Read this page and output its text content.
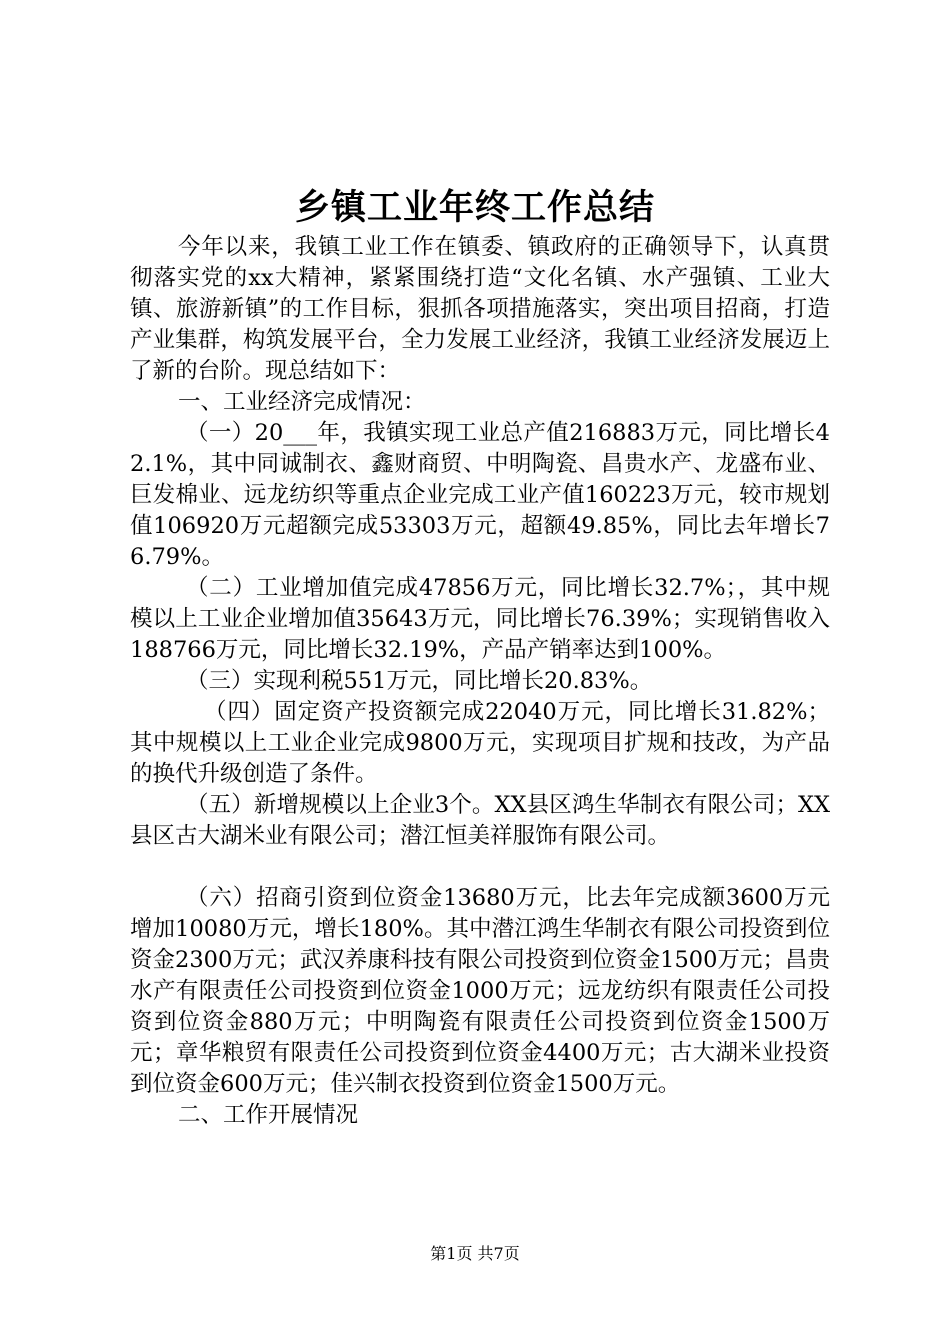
乡镇工业年终工作总结

今年以来，我镇工业工作在镇委、镇政府的正确领导下，认真贯彻落实党的xx大精神，紧紧围绕打造“文化名镇、水产强镇、工业大镇、旅游新镇”的工作目标，狠抓各项措施落实，突出项目招商，打造产业集群，构筑发展平台，全力发展工业经济，我镇工业经济发展迈上了新的台阶。现总结如下：

一、工业经济完成情况：

（一）20___年，我镇实现工业总产值216883万元，同比增长42.1%，其中同诚制衣、鑫财商贸、中明陶瓷、昌贵水产、龙盛布业、巨发棉业、远龙纺织等重点企业完成工业产值160223万元，较市规划值106920万元超额完成53303万元，超额49.85%，同比去年增长76.79%。

（二）工业增加值完成47856万元，同比增长32.7%；，其中规模以上工业企业增加值35643万元，同比增长76.39%；实现销售收入188766万元，同比增长32.19%，产品产销率达到100%。

（三）实现利税551万元，同比增长20.83%。

（四）固定资产投资额完成22040万元，同比增长31.82%；其中规模以上工业企业完成9800万元，实现项目扩规和技改，为产品的换代升级创造了条件。

（五）新增规模以上企业3个。XX县区鸿生华制衣有限公司；XX县区古大湖米业有限公司；潜江恒美祥服饰有限公司。

（六）招商引资到位资金13680万元，比去年完成额3600万元增加10080万元，增长180%。其中潜江鸿生华制衣有限公司投资到位资金2300万元；武汉养康科技有限公司投资到位资金1500万元；昌贵水产有限责任公司投资到位资金1000万元；远龙纺织有限责任公司投资到位资金880万元；中明陶瓷有限责任公司投资到位资金1500万元；章华粮贸有限责任公司投资到位资金4400万元；古大湖米业投资到位资金600万元；佳兴制衣投资到位资金1500万元。

二、工作开展情况

第1页 共7页
